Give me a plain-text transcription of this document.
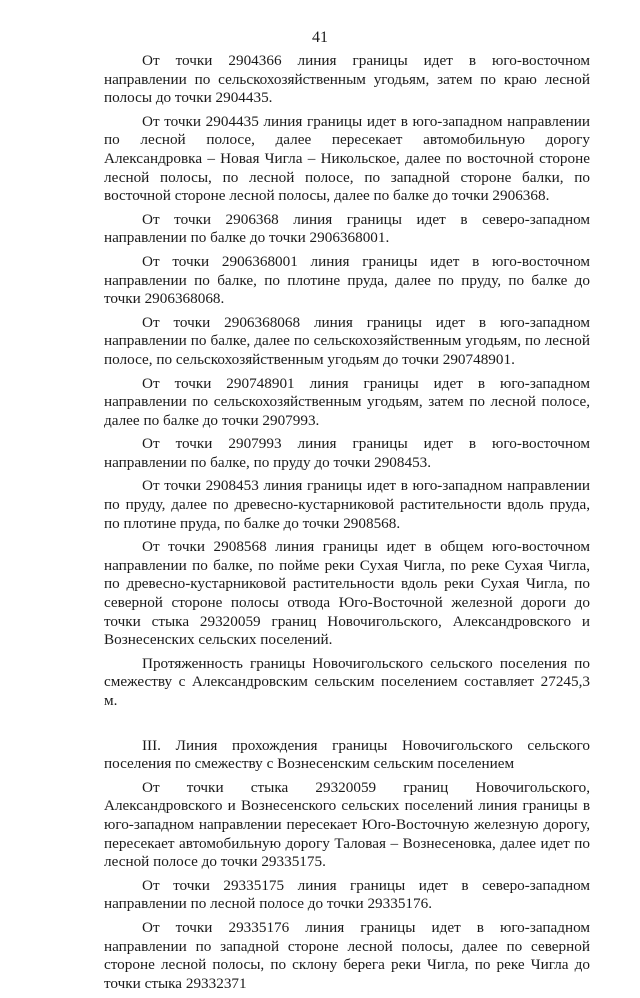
41

От точки 2904366 линия границы идет в юго-восточном направлении по сельскохозяйственным угодьям, затем по краю лесной полосы до точки 2904435.

От точки 2904435 линия границы идет в юго-западном направлении по лесной полосе, далее пересекает автомобильную дорогу Александровка – Новая Чигла – Никольское, далее по восточной стороне лесной полосы, по лесной полосе, по западной стороне балки, по восточной стороне лесной полосы, далее по балке до точки 2906368.

От точки 2906368 линия границы идет в северо-западном направлении по балке до точки 2906368001.

От точки 2906368001 линия границы идет в юго-восточном направлении по балке, по плотине пруда, далее по пруду, по балке до точки 2906368068.

От точки 2906368068 линия границы идет в юго-западном направлении по балке, далее по сельскохозяйственным угодьям, по лесной полосе, по сельскохозяйственным угодьям до точки 290748901.

От точки 290748901 линия границы идет в юго-западном направлении по сельскохозяйственным угодьям, затем по лесной полосе, далее по балке до точки 2907993.

От точки 2907993 линия границы идет в юго-восточном направлении по балке, по пруду до точки 2908453.

От точки 2908453 линия границы идет в юго-западном направлении по пруду, далее по древесно-кустарниковой растительности вдоль пруда, по плотине пруда, по балке до точки 2908568.

От точки 2908568 линия границы идет в общем юго-восточном направлении по балке, по пойме реки Сухая Чигла, по реке Сухая Чигла, по древесно-кустарниковой растительности вдоль реки Сухая Чигла, по северной стороне полосы отвода Юго-Восточной железной дороги до точки стыка 29320059 границ Новочигольского, Александровского и Вознесенских сельских поселений.

Протяженность границы Новочигольского сельского поселения по смежеству с Александровским сельским поселением составляет 27245,3 м.

III. Линия прохождения границы Новочигольского сельского поселения по смежеству с Вознесенским сельским поселением

От точки стыка 29320059 границ Новочигольского, Александровского и Вознесенского сельских поселений линия границы в юго-западном направлении пересекает Юго-Восточную железную дорогу, пересекает автомобильную дорогу Таловая – Вознесеновка, далее идет по лесной полосе до точки 29335175.

От точки 29335175 линия границы идет в северо-западном направлении по лесной полосе до точки 29335176.

От точки 29335176 линия границы идет в юго-западном направлении по западной стороне лесной полосы, далее по северной стороне лесной полосы, по склону берега реки Чигла, по реке Чигла до точки стыка 29332371
